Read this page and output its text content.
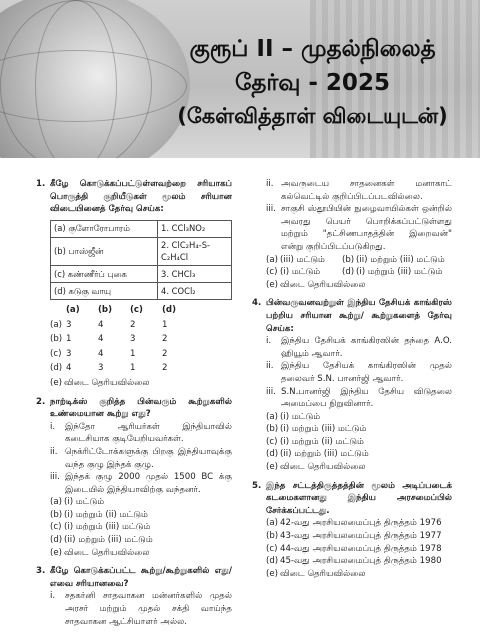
குரூப் II – முதல்நிலைத்
தேர்வு - 2025
(கேள்வித்தாள் விடையுடன்)
1. கீழே கொடுக்கப்பட்டுள்ளவற்றை சரியாகப் பொருத்தி குறியீடுகள் மூலம் சரியான விடையினைத் தேர்வு செய்க:
(a) குளோரோபாரம்	1. CCl₃NO₂
(b) பாஸ்ஜீன்	2. ClC₂H₄-S-C₂H₄Cl
(c) கண்ணீர்ப் புகை	3. CHCl₃
(d) கடுகு வாயு	4. COCl₂
(a)	(b)	(c)	(d)
(a) 3	4	2	1
(b) 1	4	3	2
(c) 3	4	1	2
(d) 4	3	1	2
(e) விடை தெரியவில்லை
2. நாற்டிக்ஸ் குறித்த பின்வரும் கூற்றுகளில் உண்மையான கூற்று எது?
i.	இந்தோ ஆரியர்கள் இந்தியாவில் கடைசியாக குடியேறியவர்கள்.
ii. நெக்ரிட்டோக்களுக்கு பிறகு இந்தியாவுக்கு வந்த குழு இந்தக் குழு.
iii. இந்தக் குழு 2000 முதல் 1500 BC க்கு இடையில் இந்தியாவிற்கு வந்தனர்.
(a) (i) மட்டும்
(b) (i) மற்றும் (ii) மட்டும்
(c) (i) மற்றும் (iii) மட்டும்
(d) (ii) மற்றும் (iii) மட்டும்
(e) விடை தெரியவில்லை
3. கீழே கொடுக்கப்பட்ட கூற்று/கூற்றுகளில் எது/எவை சரியானவை?
i.	சதகர்னி சாதவாகன மன்னர்களில் முதல் அரசர் மற்றும் முதல் சக்தி வாய்ந்த சாதவாகன ஆட்சியாளர் அல்ல.
ii. அவருடைய சாதனைகள் மனாகாட் கல்வெட்டில் குறிப்பிடப்படவில்லை.
iii. சாகுசி ஸ்தூபியின் நுழைவாயில்கள் ஒன்றில் அவரது பெயர் பொறிக்கப்பட்டுள்ளது மற்றும் "தட்சிணபாதத்தின் இறைவன்" என்று குறிப்பிடப்படுகிறது.
(a) (iii) மட்டும்	(b) (ii) மற்றும் (iii) மட்டும்
(c) (i) மட்டும்	(d) (i) மற்றும் (iii) மட்டும்
(e) விடை தெரியவில்லை
4. பின்வருவனவற்றுள் இந்திய தேசியக் காங்கிரஸ் பற்றிய சரியான கூற்று/ கூற்றுகளைத் தேர்வு செய்க:
i.	இந்திய தேசியக் காங்கிரஸின் தந்தை A.O. ஹியூம் ஆவார்.
ii. இந்திய தேசியக் காங்கிரஸின் முதல் தலைவர் S.N. பானர்ஜி ஆவார்.
iii. S.N.பானர்ஜி இந்திய தேசிய விடுதலை அமைப்பை நிறுவினார்.
(a) (i) மட்டும்
(b) (i) மற்றும் (iii) மட்டும்
(c) (i) மற்றும் (ii) மட்டும்
(d) (ii) மற்றும் (iii) மட்டும்
(e) விடை தெரியவில்லை
5. இந்த சட்டத்திருத்தத்தின் மூலம் அடிப்படைக் கடமைகளானது இந்திய அரசமைப்பில் சேர்க்கப்பட்டது.
(a) 42-வது அரசியலமைப்புத் திருத்தம் 1976
(b) 43-வது அரசியலமைப்புத் திருத்தம் 1977
(c) 44-வது அரசியலமைப்புத் திருத்தம் 1978
(d) 45-வது அரசியலமைப்புத் திருத்தம் 1980
(e) விடை தெரியவில்லை
